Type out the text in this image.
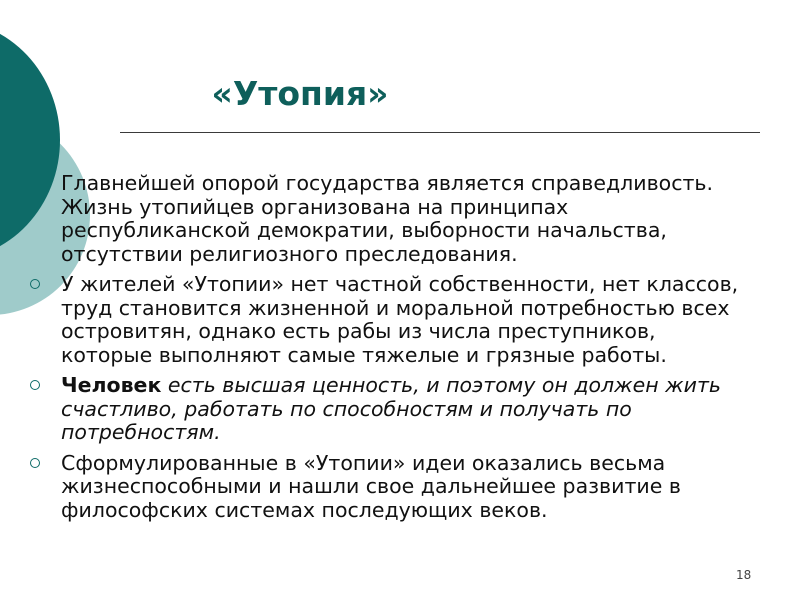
«Утопия»

Главнейшей опорой государства является справедливость. Жизнь утопийцев организована на принципах республиканской демократии, выборности начальства, отсутствии религиозного преследования.

У жителей «Утопии» нет частной собственности, нет классов, труд становится жизненной и моральной потребностью всех островитян, однако есть рабы из числа преступников, которые выполняют самые тяжелые и грязные работы.

Человек есть высшая ценность, и поэтому он должен жить счастливо, работать по способностям и получать по потребностям.

Сформулированные в «Утопии» идеи оказались весьма жизнеспособными и нашли свое дальнейшее развитие в философских системах последующих веков.

18
